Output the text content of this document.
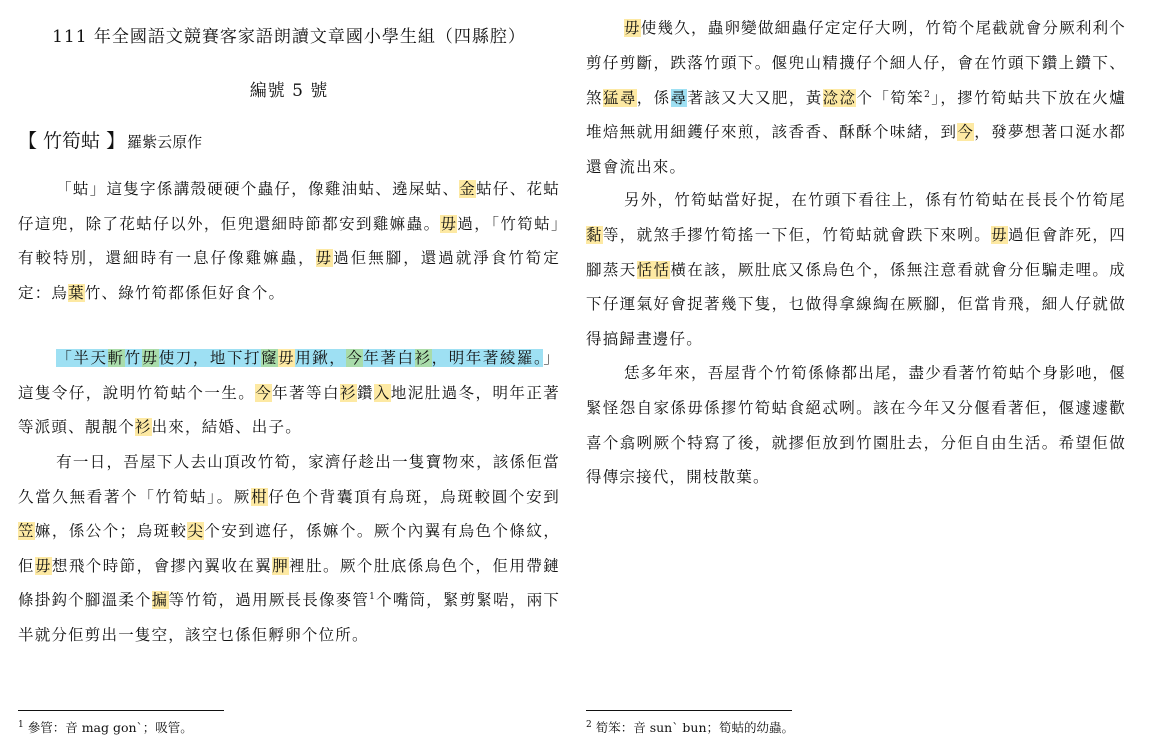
111 年全國語文競賽客家語朗讀文章國小學生組（四縣腔）
編號 5 號
【 竹筍蛄 】 羅紫云原作
「蛄」這隻字係講殼硬硬个蟲仔，像雞油蛄、遶屎蛄、金蛄仔、花蛄仔這兜，除了花蛄仔以外，佢兜還細時節都安到雞嫲蟲。毋過，「竹筍蛄」有較特別，還細時有一息仔像雞嫲蟲，毋過佢無腳，還過就淨食竹筍定定：烏葉竹、綠竹筍都係佢好食个。
「半天斬竹毋使刀，地下打窿毋用鍬，今年著白衫，明年著綾羅。」這隻令仔，說明竹筍蛄个一生。今年著等白衫鑽入地泥肚過冬，明年正著等派頭、靚靚个衫出來，結婚、出子。
有一日，吾屋下人去山頂改竹筍，家濟仔趁出一隻寶物來，該係佢當久當久無看著个「竹筍蛄」。厥柑仔色个背囊頂有烏斑，烏斑較圓个安到笠嫲，係公个；烏斑較尖个安到遮仔，係嫲个。厥个內翼有烏色个條紋，佢毋想飛个時節，會摎內翼收在翼胛裡肚。厥个肚底係烏色个，佢用帶鏈條掛鈎个腳溫柔个揙等竹筍，過用厥長長像麥管$^1$个嘴筒，緊剪緊啱，兩下半就分佢剪出一隻空，該空乜係佢孵卵个位所。
$^1$ 參管：音 mag gon`；吸管。
毋使幾久，蟲卵變做細蟲仔定定仔大咧，竹筍个尾截就會分厥利利个剪仔剪斷，跌落竹頭下。偃兜山精㩢仔个細人仔，會在竹頭下鑽上鑽下、煞猛尋，係尋著該又大又肥，黃淰淰个「筍笨$^2$」，摎竹筍蛄共下放在火爐堆焙無就用細鑊仔來煎，該香香、酥酥个味緒，到今，發夢想著口涎水都還會流出來。
另外，竹筍蛄當好捉，在竹頭下看往上，係有竹筍蛄在長長个竹筍尾黏等，就煞手摎竹筍搖一下佢，竹筍蛄就會跌下來咧。毋過佢會詐死，四腳蒸天恬恬橫在該，厥肚底又係烏色个，係無注意看就會分佢騙走哩。成下仔運氣好會捉著幾下隻，乜做得拿線綯在厥腳，佢當肯飛，細人仔就做得搞歸晝邊仔。
恁多年來，吾屋背个竹筍係條都出尾，盡少看著竹筍蛄个身影吔，偃緊怪怨自家係毋係摎竹筍蛄食絕忒咧。該在今年又分偃看著佢，偃遽遽歡喜个翕咧厥个特寫了後，就摎佢放到竹園肚去，分佢自由生活。希望佢做得傳宗接代，開枝散葉。
$^2$ 筍笨：音 sun` bun；筍蛄的幼蟲。
